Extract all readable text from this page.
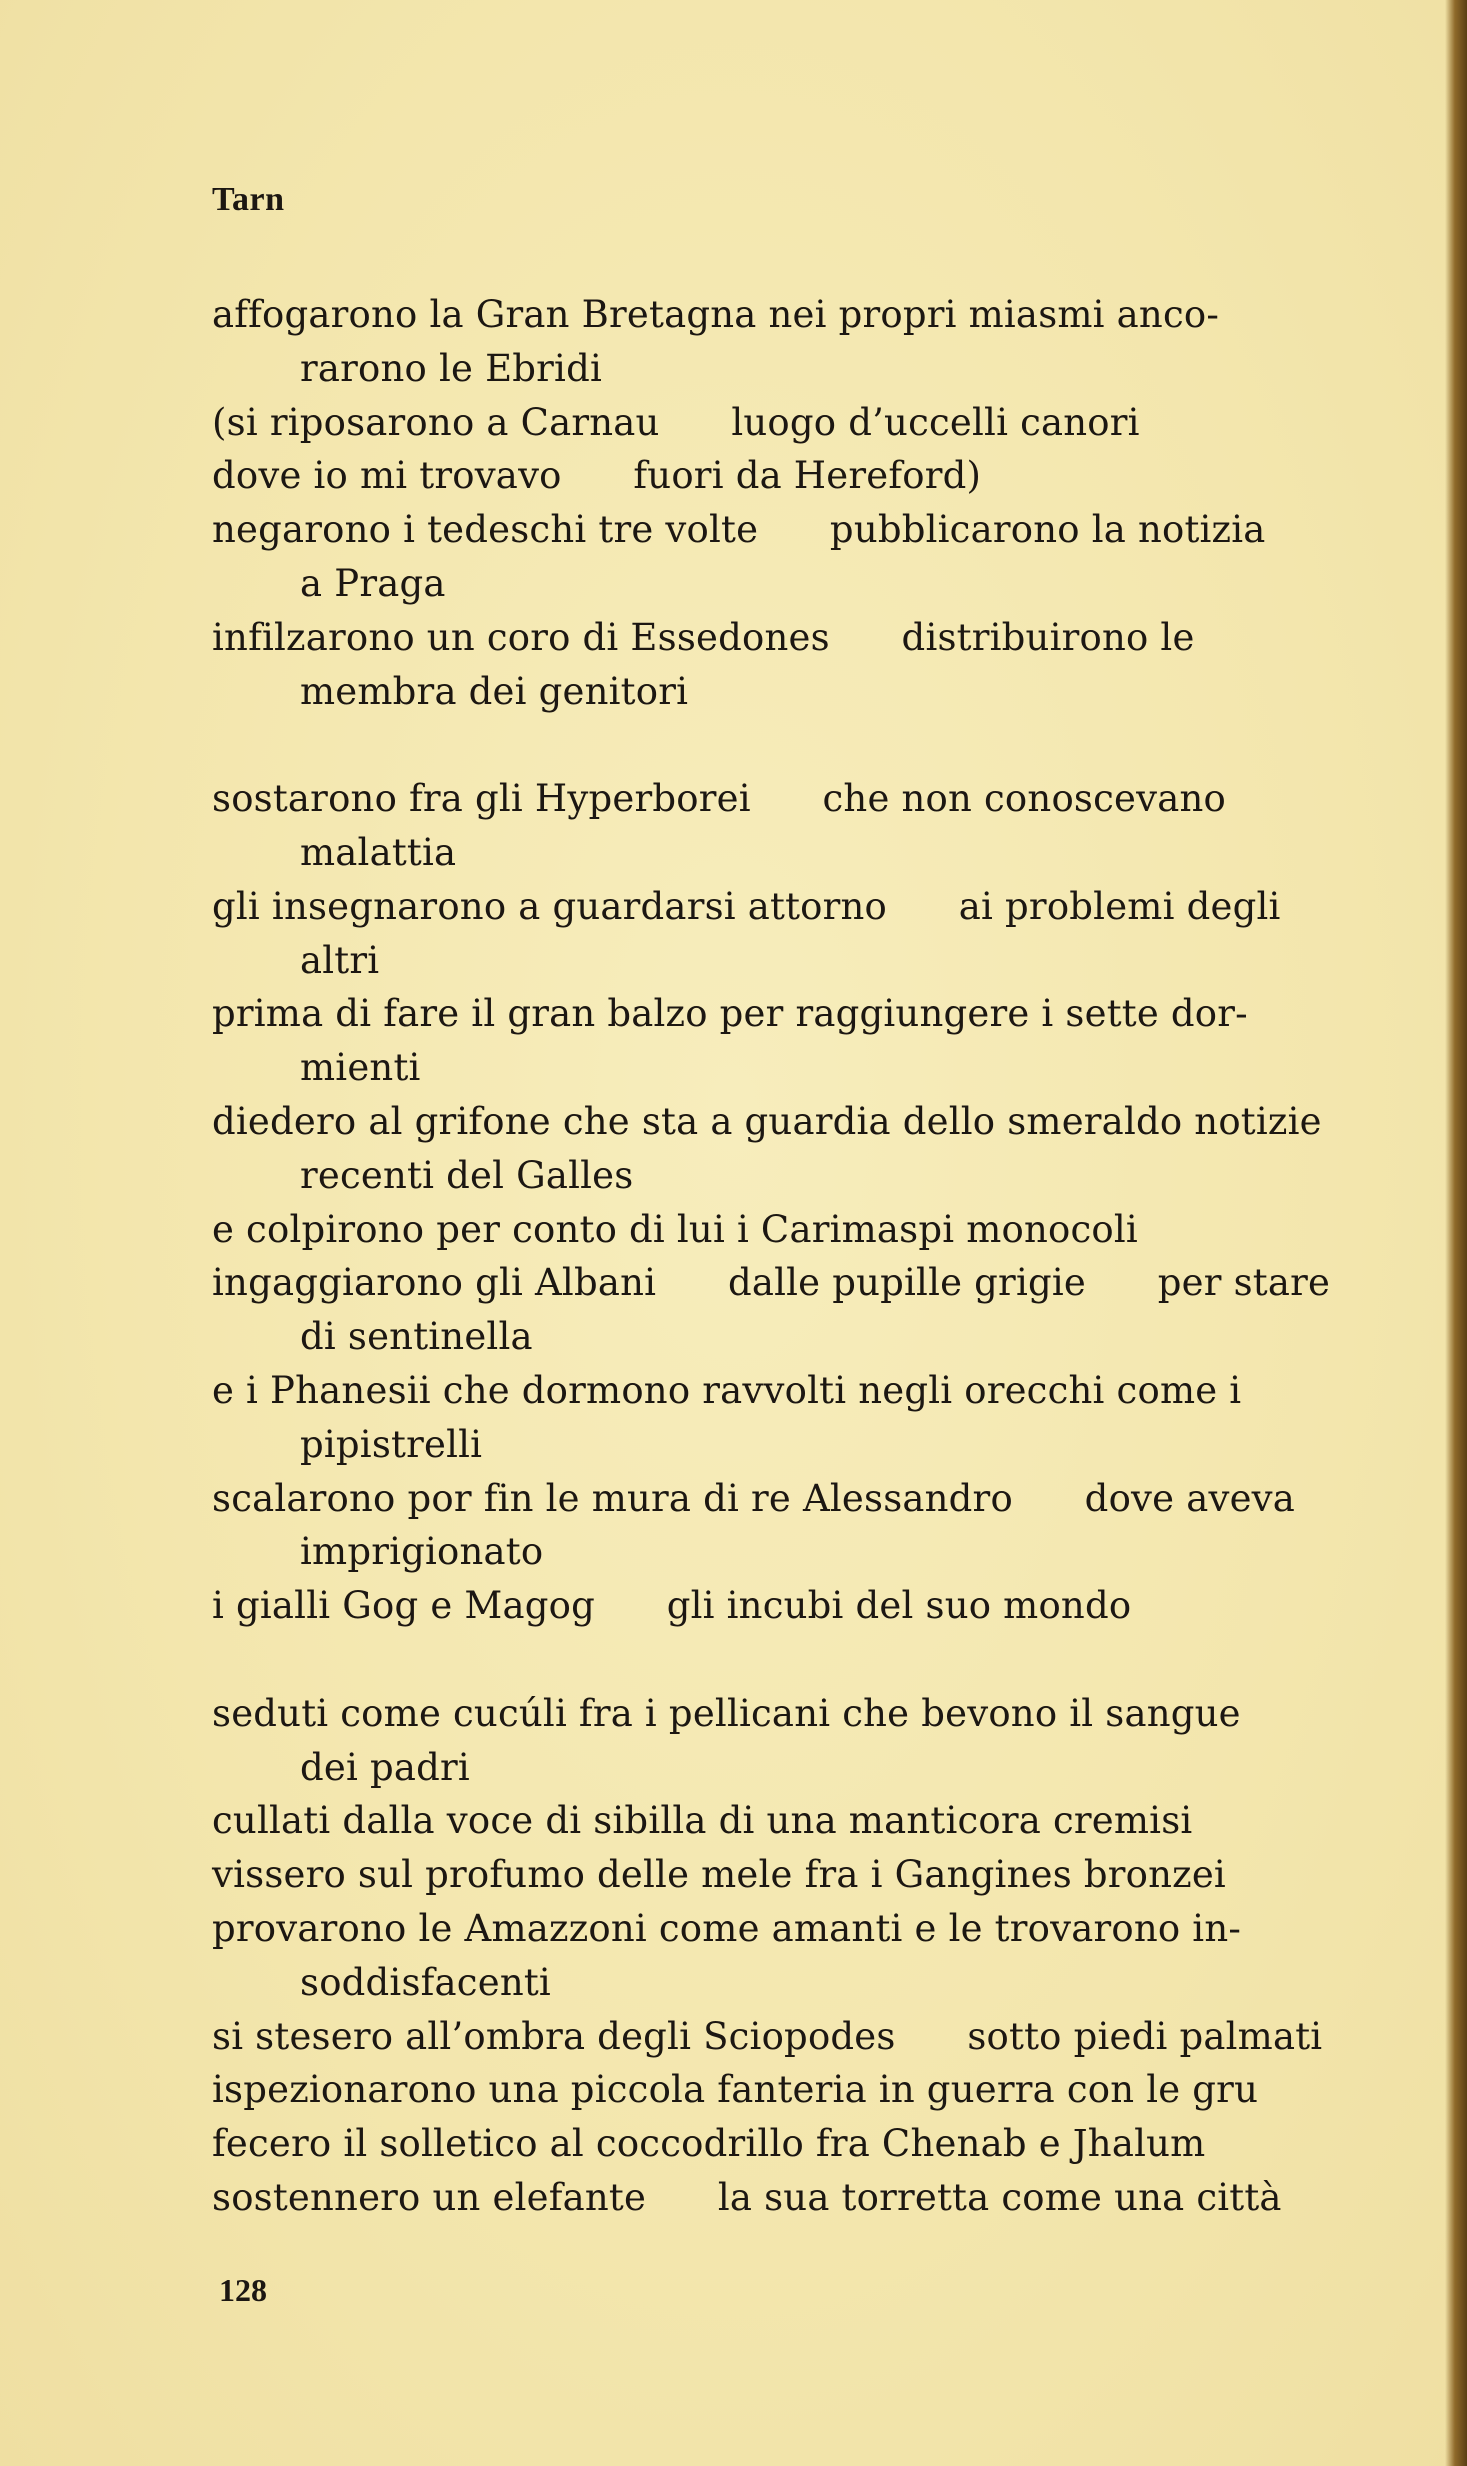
Tarn
affogarono la Gran Bretagna nei propri miasmi anco-
rarono le Ebridi
(si riposarono a Carnau      luogo d’uccelli canori
dove io mi trovavo      fuori da Hereford)
negarono i tedeschi tre volte      pubblicarono la notizia
a Praga
infilzarono un coro di Essedones      distribuirono le
membra dei genitori
sostarono fra gli Hyperborei      che non conoscevano
malattia
gli insegnarono a guardarsi attorno      ai problemi degli
altri
prima di fare il gran balzo per raggiungere i sette dor-
mienti
diedero al grifone che sta a guardia dello smeraldo notizie
recenti del Galles
e colpirono per conto di lui i Carimaspi monocoli
ingaggiarono gli Albani      dalle pupille grigie      per stare
di sentinella
e i Phanesii che dormono ravvolti negli orecchi come i
pipistrelli
scalarono por fin le mura di re Alessandro      dove aveva
imprigionato
i gialli Gog e Magog      gli incubi del suo mondo
seduti come cucúli fra i pellicani che bevono il sangue
dei padri
cullati dalla voce di sibilla di una manticora cremisi
vissero sul profumo delle mele fra i Gangines bronzei
provarono le Amazzoni come amanti e le trovarono in-
soddisfacenti
si stesero all’ombra degli Sciopodes      sotto piedi palmati
ispezionarono una piccola fanteria in guerra con le gru
fecero il solletico al coccodrillo fra Chenab e Jhalum
sostennero un elefante      la sua torretta come una città
128
